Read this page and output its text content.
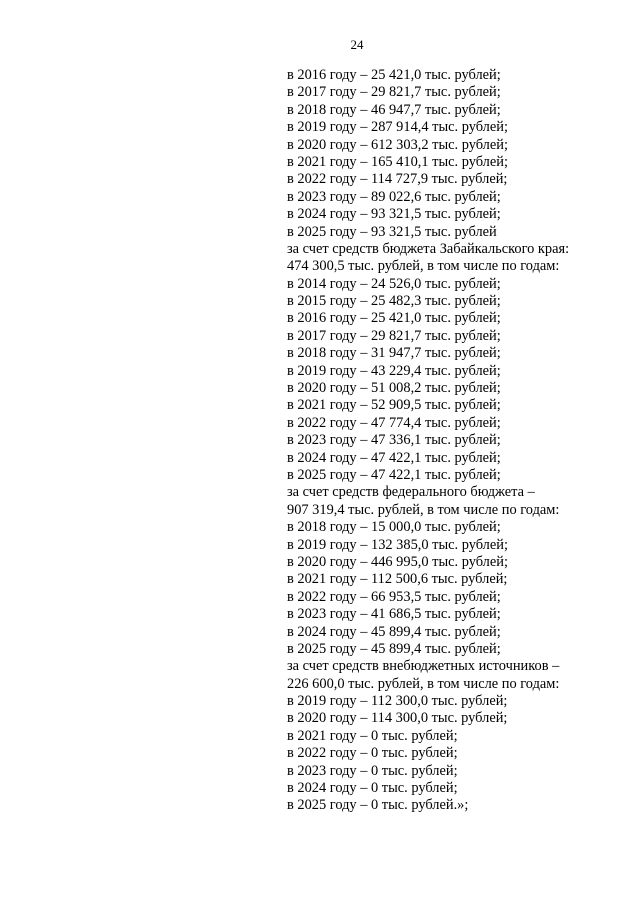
24
в 2016 году – 25 421,0 тыс. рублей;
в 2017 году – 29 821,7 тыс. рублей;
в 2018 году – 46 947,7 тыс. рублей;
в 2019 году – 287 914,4 тыс. рублей;
в 2020 году – 612 303,2 тыс. рублей;
в 2021 году – 165 410,1 тыс. рублей;
в 2022 году – 114 727,9 тыс. рублей;
в 2023 году – 89 022,6 тыс. рублей;
в 2024 году – 93 321,5 тыс. рублей;
в 2025 году – 93 321,5 тыс. рублей
за счет средств бюджета Забайкальского края:
474 300,5 тыс. рублей, в том числе по годам:
в 2014 году – 24 526,0 тыс. рублей;
в 2015 году – 25 482,3 тыс. рублей;
в 2016 году – 25 421,0 тыс. рублей;
в 2017 году – 29 821,7 тыс. рублей;
в 2018 году – 31 947,7 тыс. рублей;
в 2019 году – 43 229,4 тыс. рублей;
в 2020 году – 51 008,2 тыс. рублей;
в 2021 году – 52 909,5 тыс. рублей;
в 2022 году – 47 774,4 тыс. рублей;
в 2023 году – 47 336,1 тыс. рублей;
в 2024 году – 47 422,1 тыс. рублей;
в 2025 году – 47 422,1 тыс. рублей;
за счет средств федерального бюджета –
907 319,4 тыс. рублей, в том числе по годам:
в 2018 году – 15 000,0 тыс. рублей;
в 2019 году – 132 385,0 тыс. рублей;
в 2020 году – 446 995,0 тыс. рублей;
в 2021 году – 112 500,6 тыс. рублей;
в 2022 году – 66 953,5 тыс. рублей;
в 2023 году – 41 686,5 тыс. рублей;
в 2024 году – 45 899,4 тыс. рублей;
в 2025 году – 45 899,4 тыс. рублей;
за счет средств внебюджетных источников –
226 600,0 тыс. рублей, в том числе по годам:
в 2019 году – 112 300,0 тыс. рублей;
в 2020 году – 114 300,0 тыс. рублей;
в 2021 году – 0 тыс. рублей;
в 2022 году – 0 тыс. рублей;
в 2023 году – 0 тыс. рублей;
в 2024 году – 0 тыс. рублей;
в 2025 году – 0 тыс. рублей.»;
